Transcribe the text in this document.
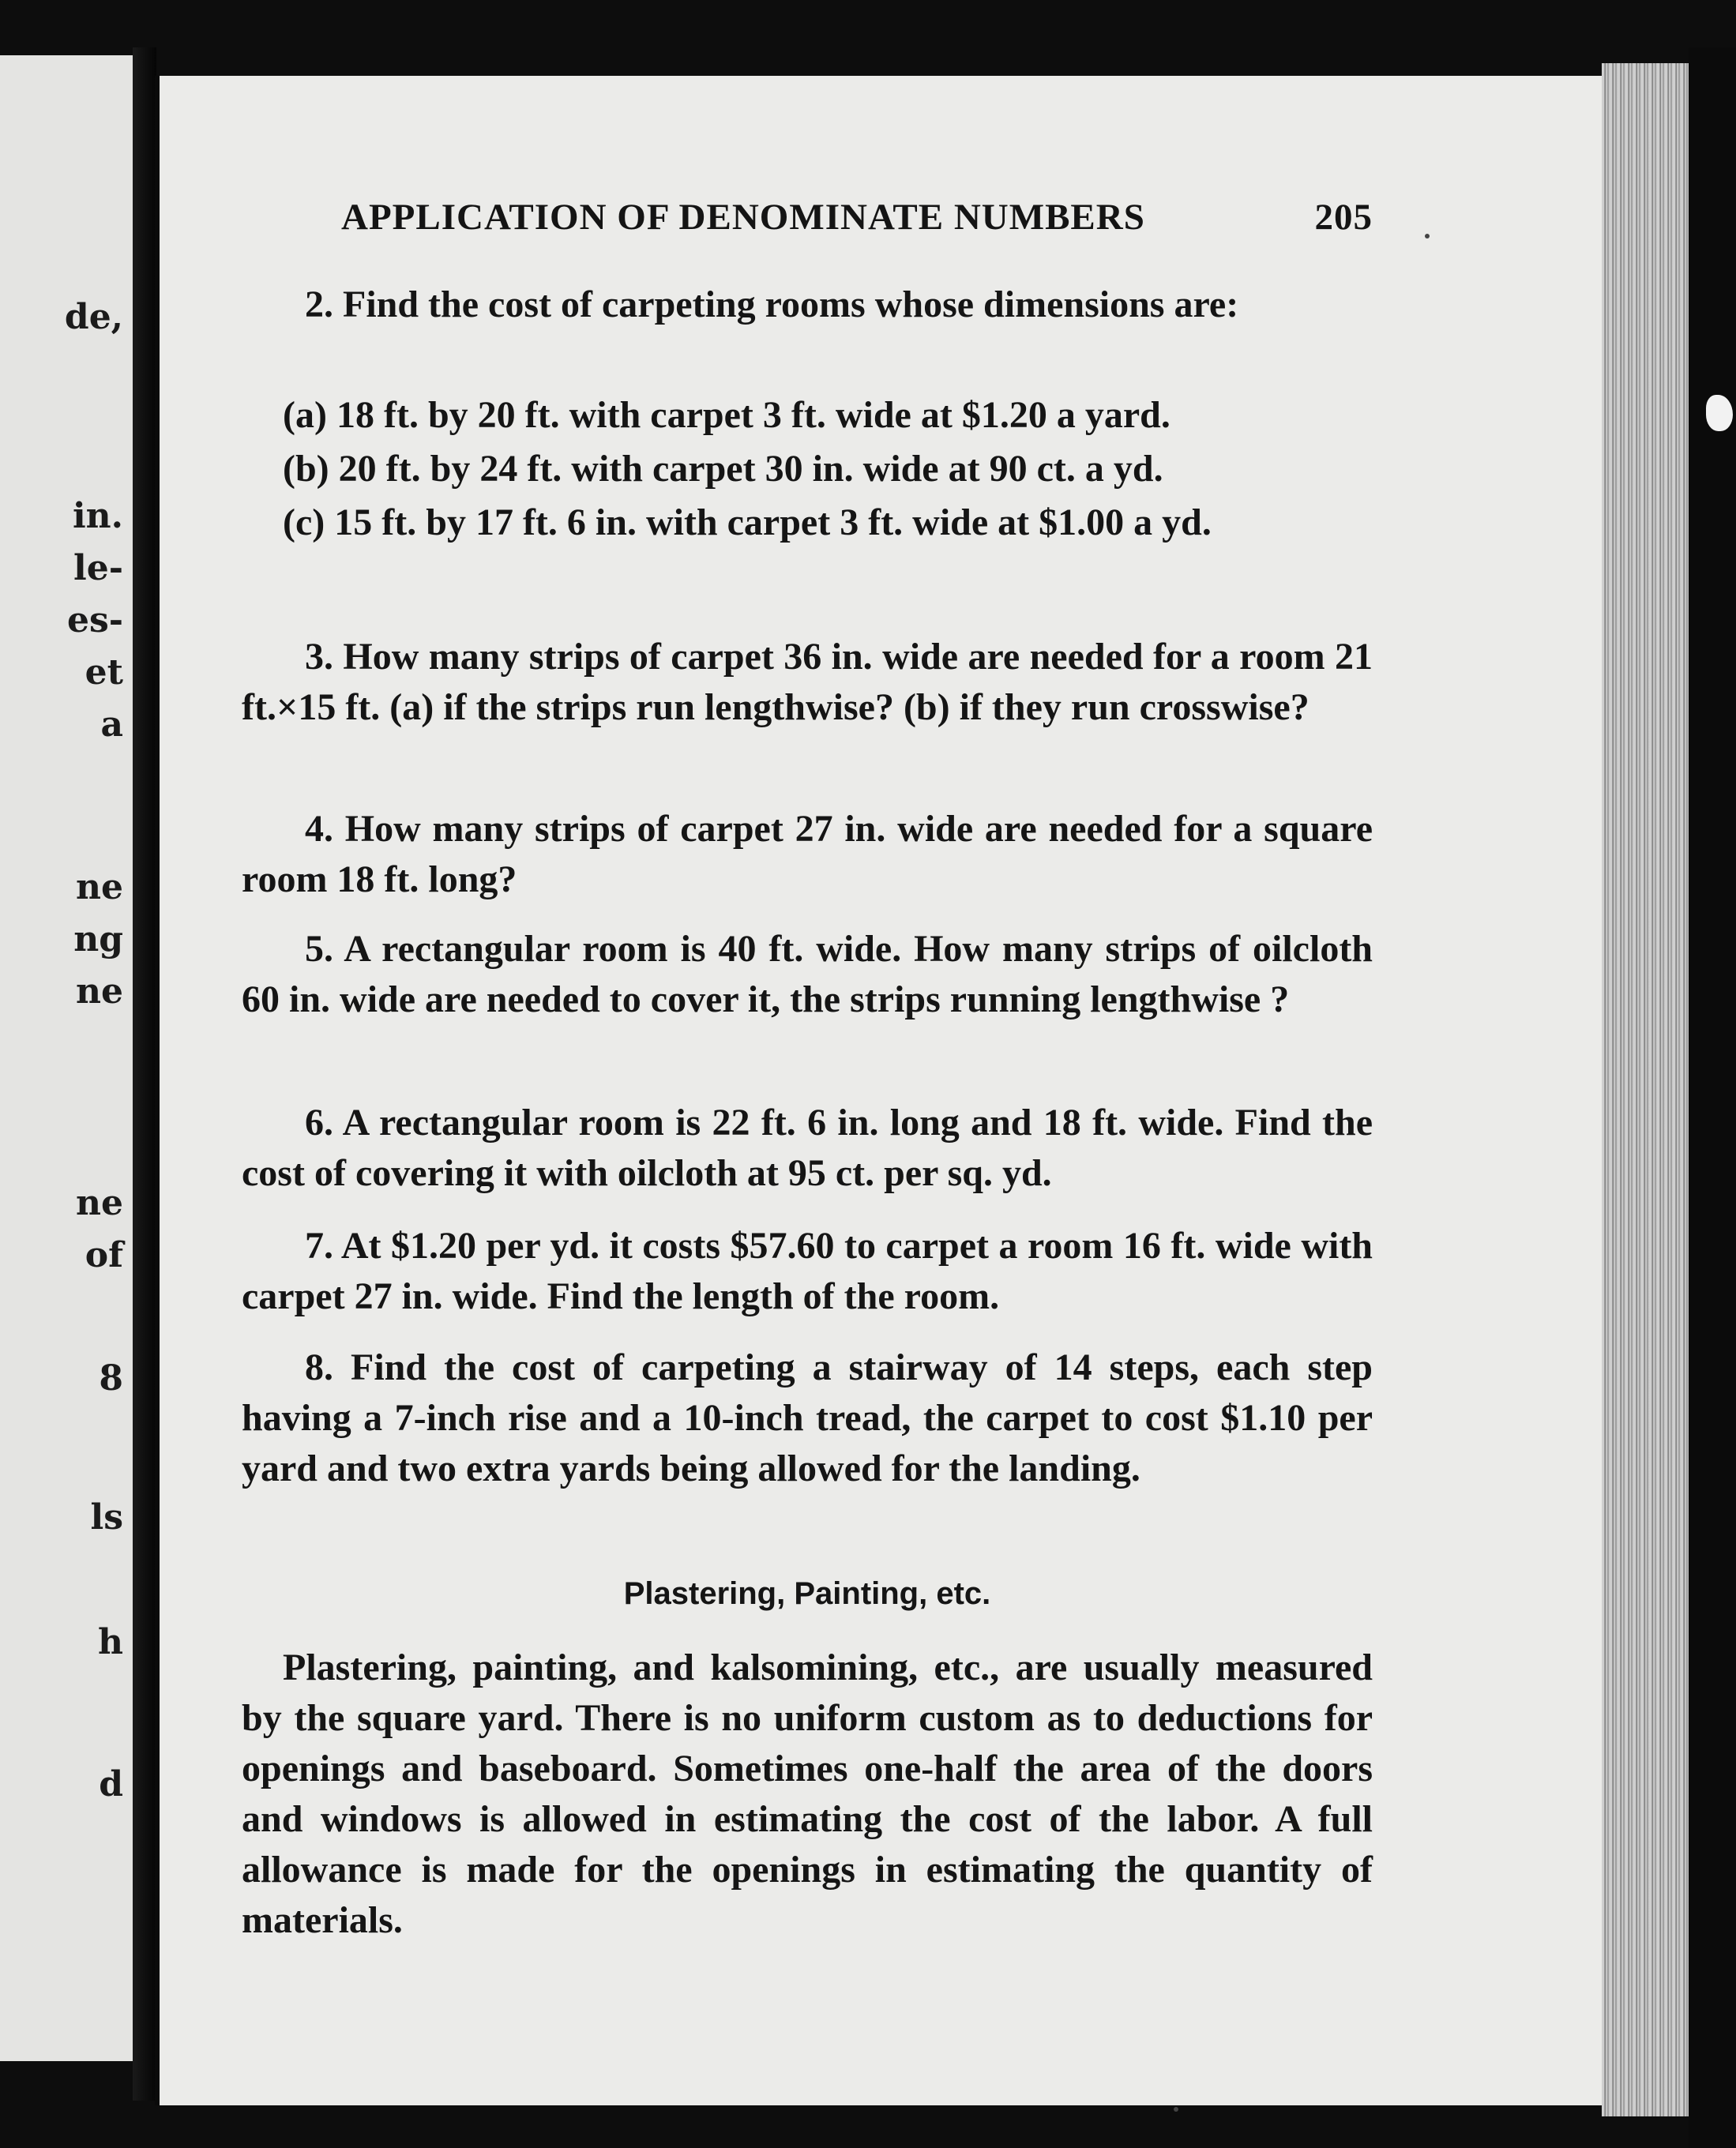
de,
in.
le-
es-
et
a
ne
ng
ne
ne
of
8
ls
h
d
APPLICATION OF DENOMINATE NUMBERS	205
2. Find the cost of carpeting rooms whose dimensions are:
(a) 18 ft. by 20 ft. with carpet 3 ft. wide at $1.20 a yard.
(b) 20 ft. by 24 ft. with carpet 30 in. wide at 90 ct. a yd.
(c) 15 ft. by 17 ft. 6 in. with carpet 3 ft. wide at $1.00 a yd.
3. How many strips of carpet 36 in. wide are needed for a room 21 ft.×15 ft. (a) if the strips run lengthwise? (b) if they run crosswise?
4. How many strips of carpet 27 in. wide are needed for a square room 18 ft. long?
5. A rectangular room is 40 ft. wide. How many strips of oilcloth 60 in. wide are needed to cover it, the strips running lengthwise ?
6. A rectangular room is 22 ft. 6 in. long and 18 ft. wide. Find the cost of covering it with oilcloth at 95 ct. per sq. yd.
7. At $1.20 per yd. it costs $57.60 to carpet a room 16 ft. wide with carpet 27 in. wide. Find the length of the room.
8. Find the cost of carpeting a stairway of 14 steps, each step having a 7-inch rise and a 10-inch tread, the carpet to cost $1.10 per yard and two extra yards being allowed for the landing.
Plastering, Painting, etc.
Plastering, painting, and kalsomining, etc., are usually measured by the square yard. There is no uniform custom as to deductions for openings and baseboard. Sometimes one-half the area of the doors and windows is allowed in estimating the cost of the labor. A full allowance is made for the openings in estimating the quantity of materials.
